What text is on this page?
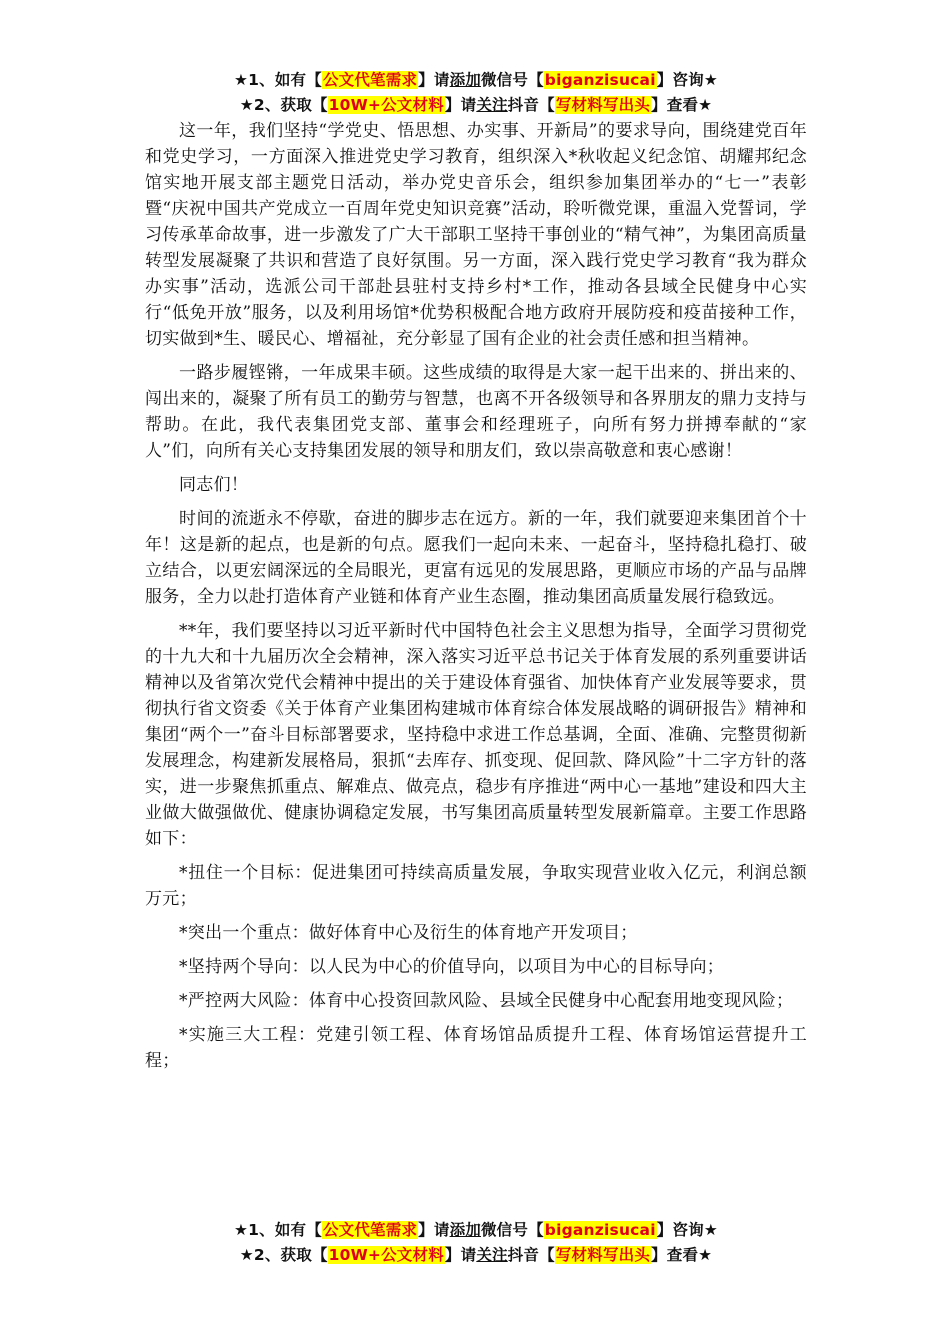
★1、如有【公文代笔需求】请添加微信号【biganzisucai】咨询★
★2、获取【10W+公文材料】请关注抖音【写材料写出头】查看★

这一年，我们坚持“学党史、悟思想、办实事、开新局”的要求导向，围绕建党百年和党史学习，一方面深入推进党史学习教育，组织深入*秋收起义纪念馆、胡耀邦纪念馆实地开展支部主题党日活动，举办党史音乐会，组织参加集团举办的“七一”表彰暨“庆祝中国共产党成立一百周年党史知识竞赛”活动，聆听微党课，重温入党誓词，学习传承革命故事，进一步激发了广大干部职工坚持干事创业的“精气神”，为集团高质量转型发展凝聚了共识和营造了良好氛围。另一方面，深入践行党史学习教育“我为群众办实事”活动，选派公司干部赴县驻村支持乡村*工作，推动各县域全民健身中心实行“低免开放”服务，以及利用场馆*优势积极配合地方政府开展防疫和疫苗接种工作，切实做到*生、暖民心、增福祉，充分彰显了国有企业的社会责任感和担当精神。

一路步履铿锵，一年成果丰硕。这些成绩的取得是大家一起干出来的、拼出来的、闯出来的，凝聚了所有员工的勤劳与智慧，也离不开各级领导和各界朋友的鼎力支持与帮助。在此，我代表集团党支部、董事会和经理班子，向所有努力拼搏奉献的“家人”们，向所有关心支持集团发展的领导和朋友们，致以崇高敬意和衷心感谢！

同志们！

时间的流逝永不停歇，奋进的脚步志在远方。新的一年，我们就要迎来集团首个十年！这是新的起点，也是新的句点。愿我们一起向未来、一起奋斗，坚持稳扎稳打、破立结合，以更宏阔深远的全局眼光，更富有远见的发展思路，更顺应市场的产品与品牌服务，全力以赴打造体育产业链和体育产业生态圈，推动集团高质量发展行稳致远。

**年，我们要坚持以习近平新时代中国特色社会主义思想为指导，全面学习贯彻党的十九大和十九届历次全会精神，深入落实习近平总书记关于体育发展的系列重要讲话精神以及省第次党代会精神中提出的关于建设体育强省、加快体育产业发展等要求，贯彻执行省文资委《关于体育产业集团构建城市体育综合体发展战略的调研报告》精神和集团“两个一”奋斗目标部署要求，坚持稳中求进工作总基调，全面、准确、完整贯彻新发展理念，构建新发展格局，狠抓“去库存、抓变现、促回款、降风险”十二字方针的落实，进一步聚焦抓重点、解难点、做亮点，稳步有序推进“两中心一基地”建设和四大主业做大做强做优、健康协调稳定发展，书写集团高质量转型发展新篇章。主要工作思路如下：

*扭住一个目标：促进集团可持续高质量发展，争取实现营业收入亿元，利润总额万元；

*突出一个重点：做好体育中心及衍生的体育地产开发项目；

*坚持两个导向：以人民为中心的价值导向，以项目为中心的目标导向；

*严控两大风险：体育中心投资回款风险、县域全民健身中心配套用地变现风险；

*实施三大工程：党建引领工程、体育场馆品质提升工程、体育场馆运营提升工程；

★1、如有【公文代笔需求】请添加微信号【biganzisucai】咨询★
★2、获取【10W+公文材料】请关注抖音【写材料写出头】查看★
